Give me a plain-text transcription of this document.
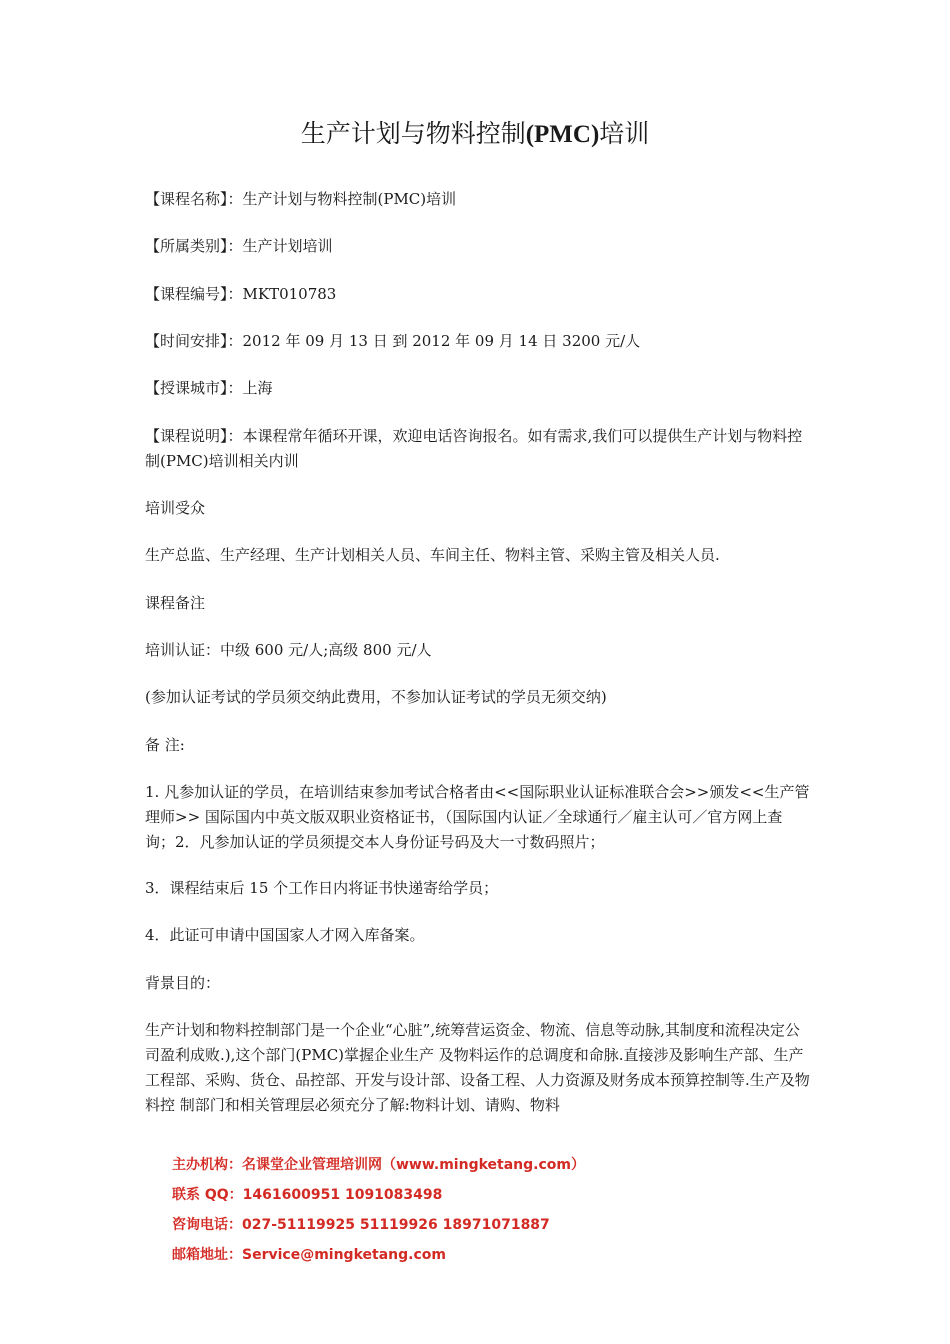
生产计划与物料控制(PMC)培训
【课程名称】：生产计划与物料控制(PMC)培训
【所属类别】：生产计划培训
【课程编号】：MKT010783
【时间安排】：2012 年 09 月 13 日 到 2012 年 09 月 14 日 3200 元/人
【授课城市】：上海
【课程说明】：本课程常年循环开课，欢迎电话咨询报名。如有需求,我们可以提供生产计划与物料控制(PMC)培训相关内训
培训受众
生产总监、生产经理、生产计划相关人员、车间主任、物料主管、采购主管及相关人员.
课程备注
培训认证：中级 600 元/人;高级 800 元/人
(参加认证考试的学员须交纳此费用，不参加认证考试的学员无须交纳)
备 注:
1. 凡参加认证的学员，在培训结束参加考试合格者由<<国际职业认证标准联合会>>颁发<<生产管理师>> 国际国内中英文版双职业资格证书，（国际国内认证／全球通行／雇主认可／官方网上查询；2．凡参加认证的学员须提交本人身份证号码及大一寸数码照片；
3．课程结束后 15 个工作日内将证书快递寄给学员；
4．此证可申请中国国家人才网入库备案。
背景目的：
生产计划和物料控制部门是一个企业“心脏”,统筹营运资金、物流、信息等动脉,其制度和流程决定公司盈利成败.),这个部门(PMC)掌握企业生产 及物料运作的总调度和命脉.直接涉及影响生产部、生产工程部、采购、货仓、品控部、开发与设计部、设备工程、人力资源及财务成本预算控制等.生产及物料控 制部门和相关管理层必须充分了解:物料计划、请购、物料
主办机构：名课堂企业管理培训网（www.mingketang.com）
联系 QQ：1461600951 1091083498
咨询电话：027-51119925 51119926 18971071887
邮箱地址：Service@mingketang.com
